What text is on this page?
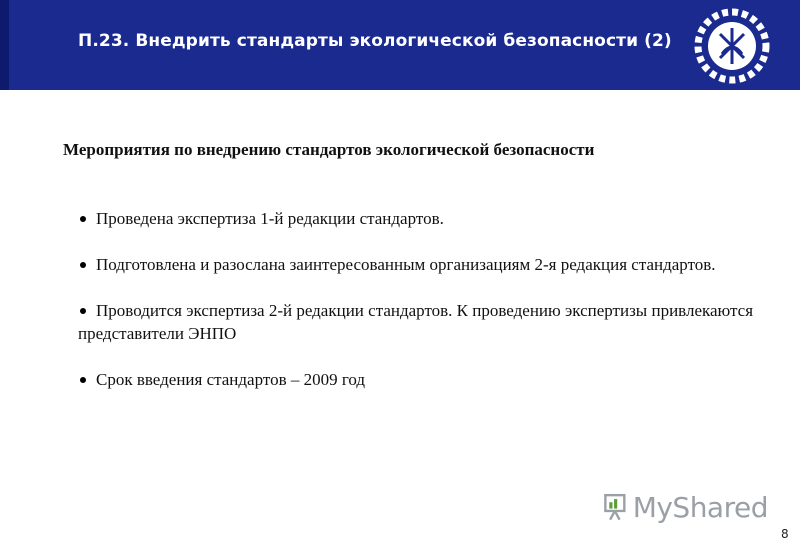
П.23. Внедрить стандарты экологической безопасности (2)
Мероприятия по внедрению стандартов экологической безопасности
Проведена экспертиза 1-й редакции стандартов.
Подготовлена и разослана заинтересованным организациям 2-я редакция стандартов.
Проводится экспертиза 2-й редакции стандартов. К проведению экспертизы привлекаются представители ЭНПО
Срок введения стандартов – 2009 год
MyShared
8
